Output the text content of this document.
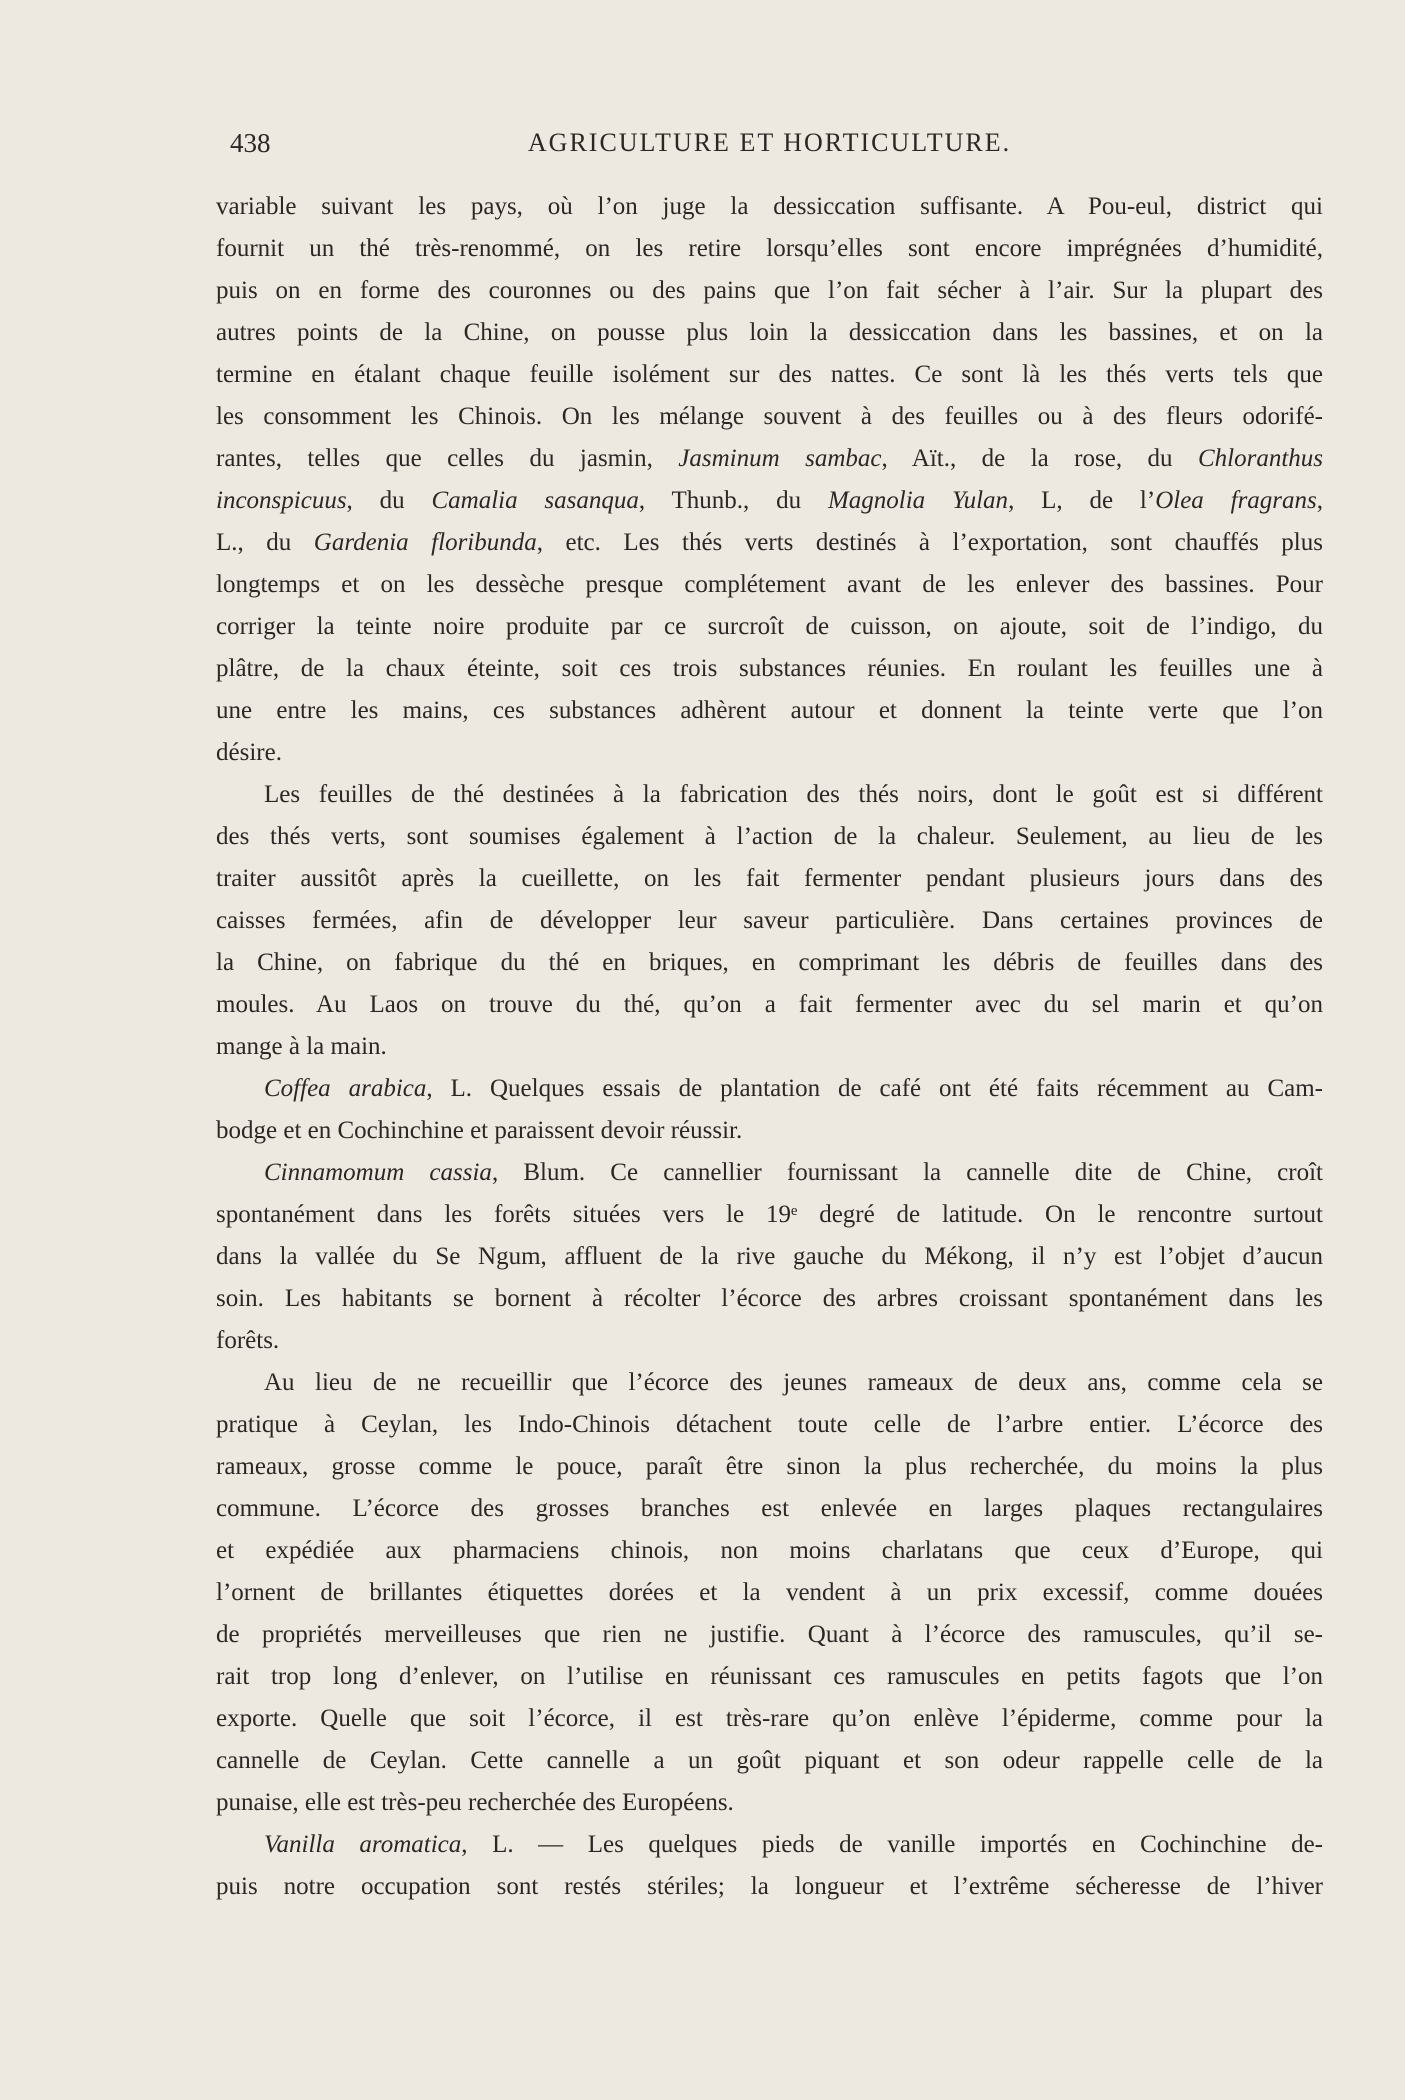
438	AGRICULTURE ET HORTICULTURE.
variable suivant les pays, où l’on juge la dessiccation suffisante. A Pou-eul, district qui
fournit un thé très-renommé, on les retire lorsqu’elles sont encore imprégnées d’humidité,
puis on en forme des couronnes ou des pains que l’on fait sécher à l’air. Sur la plupart des
autres points de la Chine, on pousse plus loin la dessiccation dans les bassines, et on la
termine en étalant chaque feuille isolément sur des nattes. Ce sont là les thés verts tels que
les consomment les Chinois. On les mélange souvent à des feuilles ou à des fleurs odorifé-
rantes, telles que celles du jasmin, Jasminum sambac, Aït., de la rose, du Chloranthus
inconspicuus, du Camalia sasanqua, Thunb., du Magnolia Yulan, L, de l’Olea fragrans,
L., du Gardenia floribunda, etc. Les thés verts destinés à l’exportation, sont chauffés plus
longtemps et on les dessèche presque complétement avant de les enlever des bassines. Pour
corriger la teinte noire produite par ce surcroît de cuisson, on ajoute, soit de l’indigo, du
plâtre, de la chaux éteinte, soit ces trois substances réunies. En roulant les feuilles une à
une entre les mains, ces substances adhèrent autour et donnent la teinte verte que l’on
désire.
Les feuilles de thé destinées à la fabrication des thés noirs, dont le goût est si différent
des thés verts, sont soumises également à l’action de la chaleur. Seulement, au lieu de les
traiter aussitôt après la cueillette, on les fait fermenter pendant plusieurs jours dans des
caisses fermées, afin de développer leur saveur particulière. Dans certaines provinces de
la Chine, on fabrique du thé en briques, en comprimant les débris de feuilles dans des
moules. Au Laos on trouve du thé, qu’on a fait fermenter avec du sel marin et qu’on
mange à la main.
Coffea arabica, L. Quelques essais de plantation de café ont été faits récemment au Cam-
bodge et en Cochinchine et paraissent devoir réussir.
Cinnamomum cassia, Blum. Ce cannellier fournissant la cannelle dite de Chine, croît
spontanément dans les forêts situées vers le 19ᵉ degré de latitude. On le rencontre surtout
dans la vallée du Se Ngum, affluent de la rive gauche du Mékong, il n’y est l’objet d’aucun
soin. Les habitants se bornent à récolter l’écorce des arbres croissant spontanément dans les
forêts.
Au lieu de ne recueillir que l’écorce des jeunes rameaux de deux ans, comme cela se
pratique à Ceylan, les Indo-Chinois détachent toute celle de l’arbre entier. L’écorce des
rameaux, grosse comme le pouce, paraît être sinon la plus recherchée, du moins la plus
commune. L’écorce des grosses branches est enlevée en larges plaques rectangulaires
et expédiée aux pharmaciens chinois, non moins charlatans que ceux d’Europe, qui
l’ornent de brillantes étiquettes dorées et la vendent à un prix excessif, comme douées
de propriétés merveilleuses que rien ne justifie. Quant à l’écorce des ramuscules, qu’il se-
rait trop long d’enlever, on l’utilise en réunissant ces ramuscules en petits fagots que l’on
exporte. Quelle que soit l’écorce, il est très-rare qu’on enlève l’épiderme, comme pour la
cannelle de Ceylan. Cette cannelle a un goût piquant et son odeur rappelle celle de la
punaise, elle est très-peu recherchée des Européens.
Vanilla aromatica, L. — Les quelques pieds de vanille importés en Cochinchine de-
puis notre occupation sont restés stériles; la longueur et l’extrême sécheresse de l’hiver
